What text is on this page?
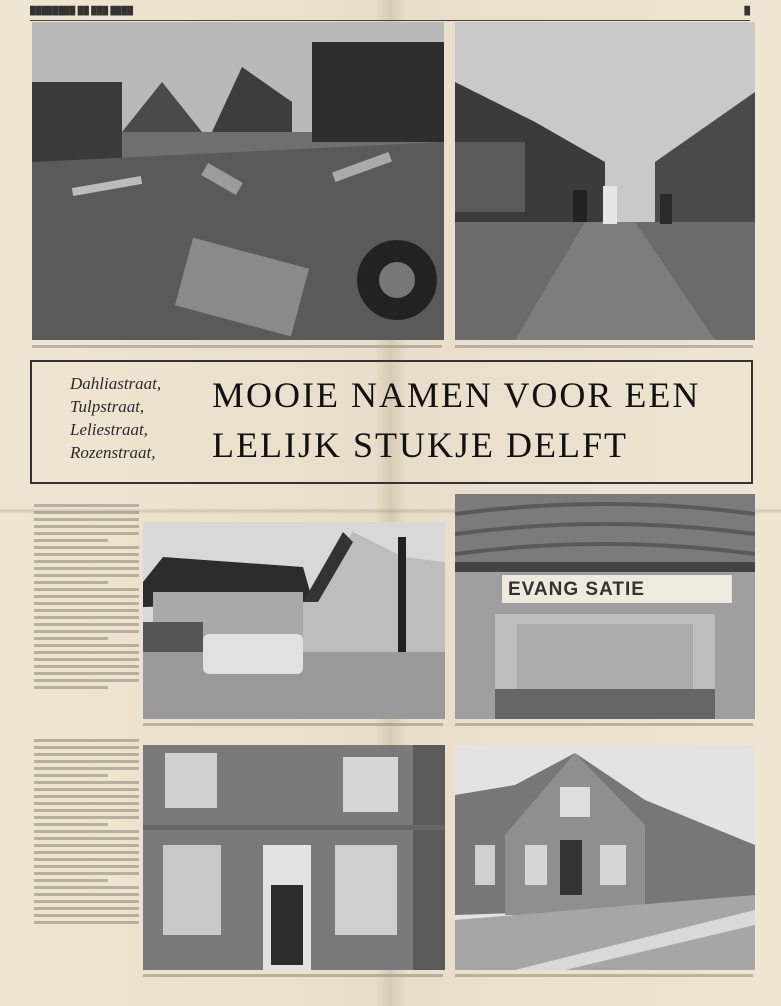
████████ ██ ███ ████	█
Dahliastraat,
Tulpstraat,
Leliestraat,
Rozenstraat,
MOOIE NAMEN VOOR EEN
LELIJK STUKJE DELFT
EVANG SATIE
